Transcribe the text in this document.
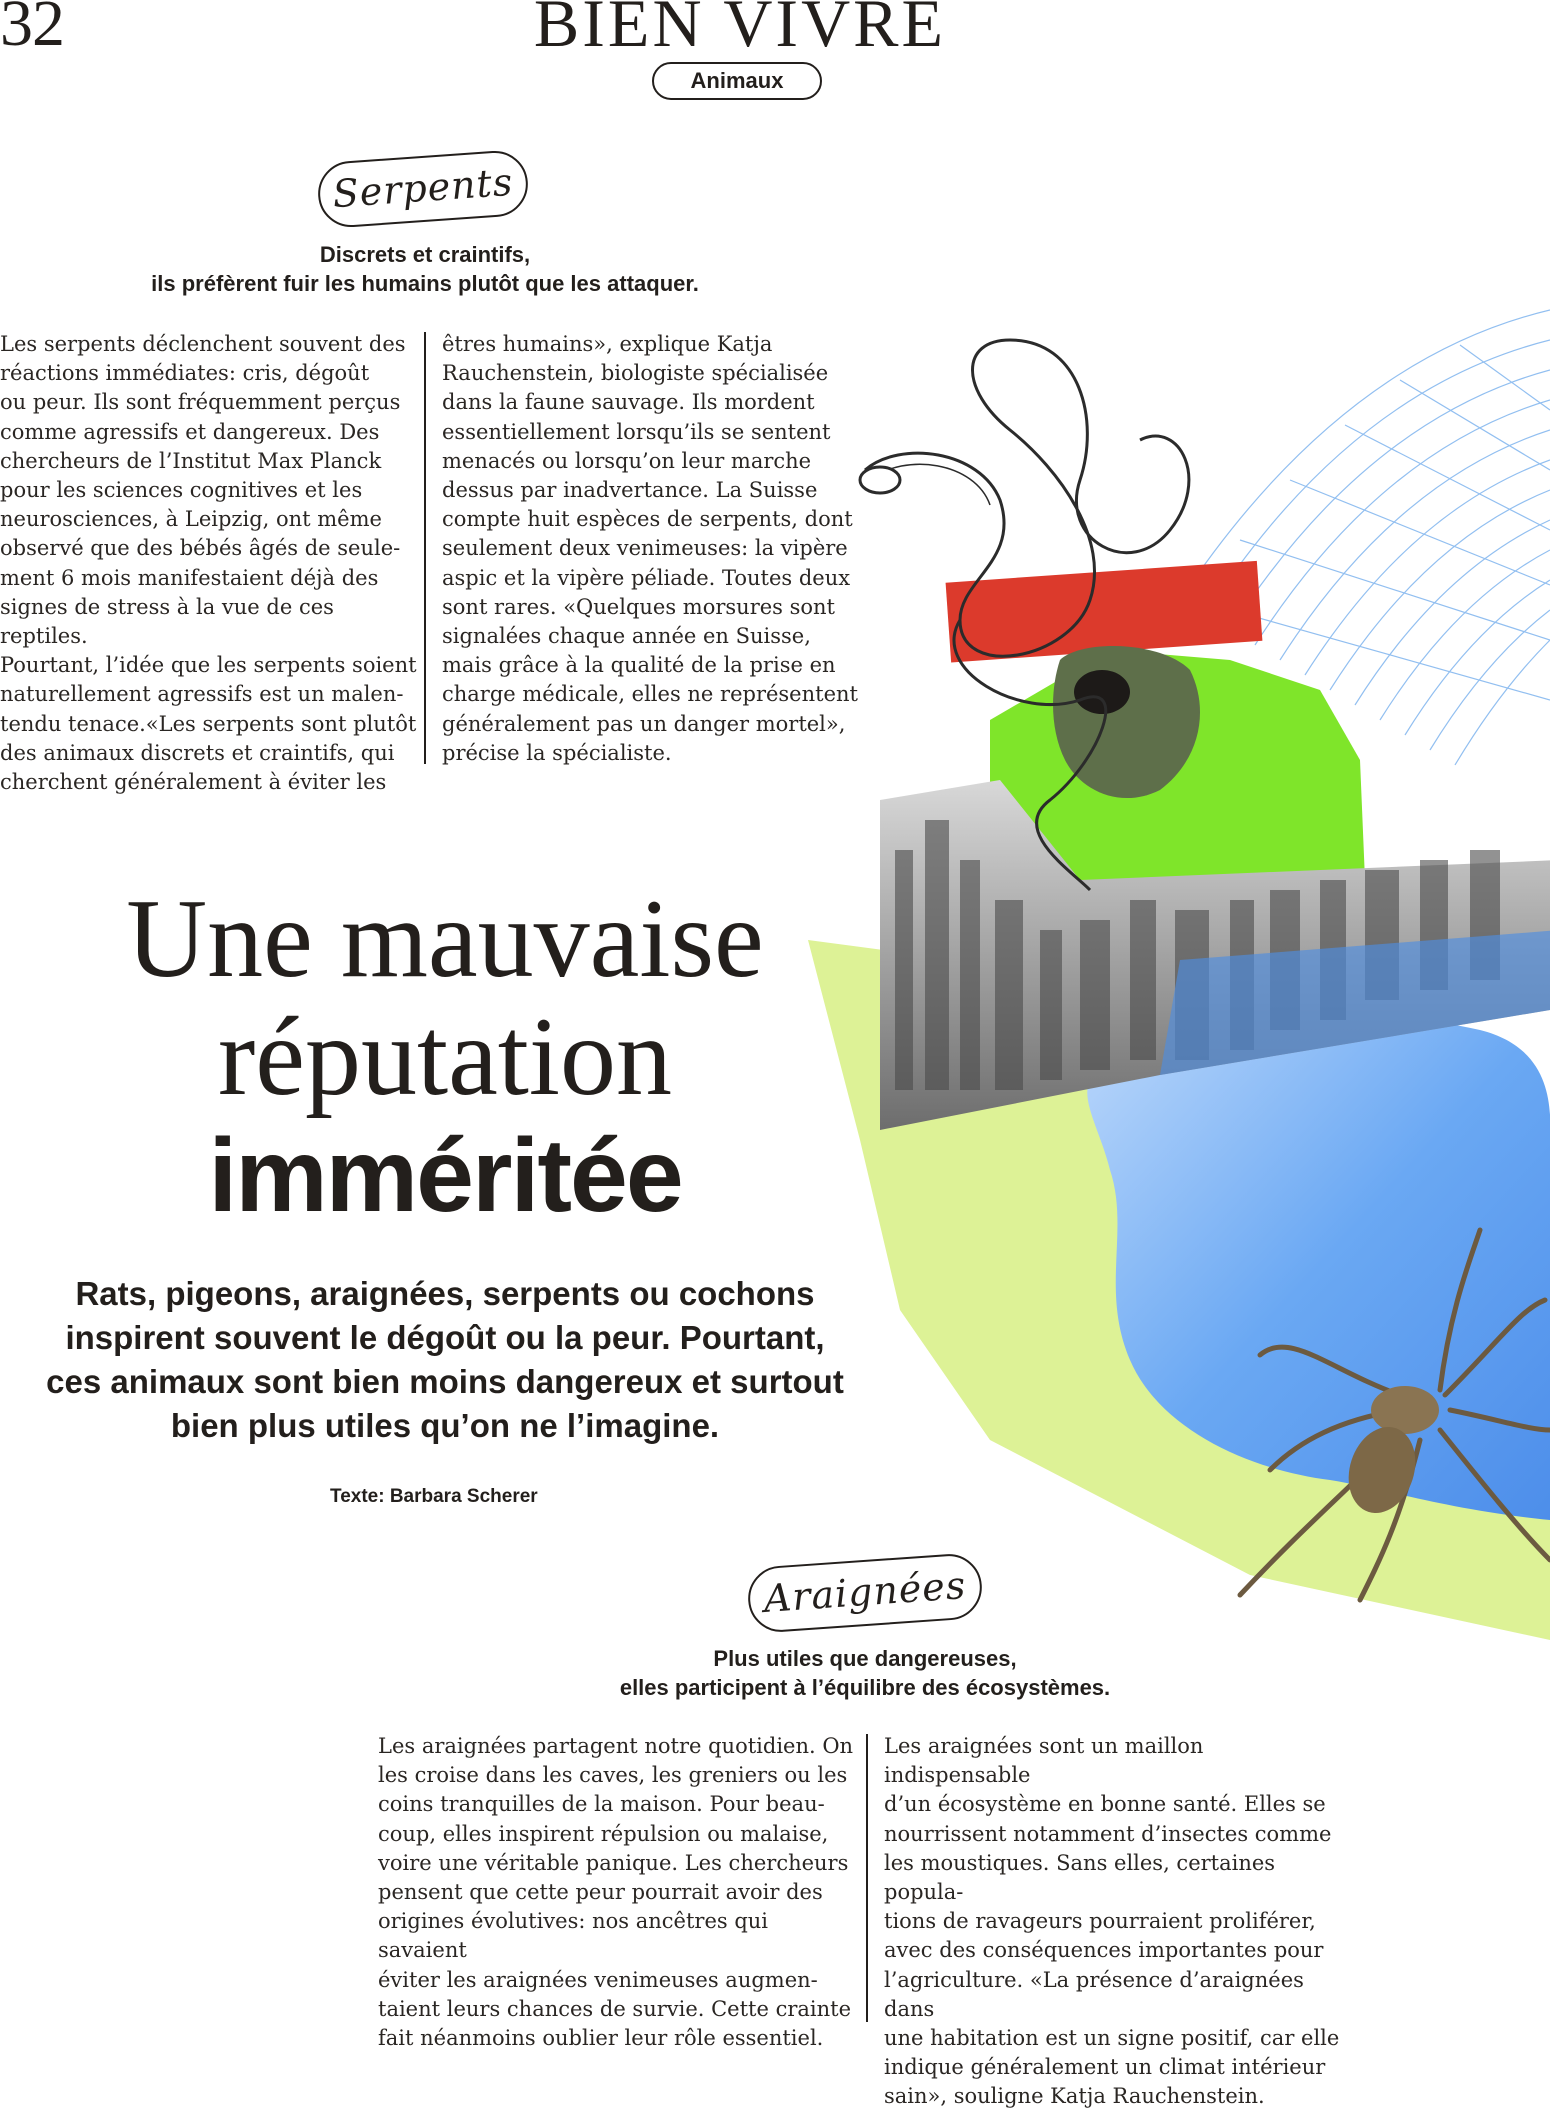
32	BIEN VIVRE
Animaux
Serpents
Discrets et craintifs,
ils préfèrent fuir les humains plutôt que les attaquer.
Les serpents déclenchent souvent des
réactions immédiates: cris, dégoût
ou peur. Ils sont fréquemment perçus
comme agressifs et dangereux. Des
chercheurs de l’Institut Max Planck
pour les sciences cognitives et les
neurosciences, à Leipzig, ont même
observé que des bébés âgés de seule-
ment 6 mois manifestaient déjà des
signes de stress à la vue de ces reptiles.
Pourtant, l’idée que les serpents soient
naturellement agressifs est un malen-
tendu tenace.«Les serpents sont plutôt
des animaux discrets et craintifs, qui
cherchent généralement à éviter les
êtres humains», explique Katja
Rauchenstein, biologiste spécialisée
dans la faune sauvage. Ils mordent
essentiellement lorsqu’ils se sentent
menacés ou lorsqu’on leur marche
dessus par inadvertance. La Suisse
compte huit espèces de serpents, dont
seulement deux venimeuses: la vipère
aspic et la vipère péliade. Toutes deux
sont rares. «Quelques morsures sont
signalées chaque année en Suisse,
mais grâce à la qualité de la prise en
charge médicale, elles ne représentent
généralement pas un danger mortel»,
précise la spécialiste.
Une mauvaise
réputation
imméritée
Rats, pigeons, araignées, serpents ou cochons
inspirent souvent le dégoût ou la peur. Pourtant,
ces animaux sont bien moins dangereux et surtout
bien plus utiles qu’on ne l’imagine.
Texte: Barbara Scherer
Araignées
Plus utiles que dangereuses,
elles participent à l’équilibre des écosystèmes.
Les araignées partagent notre quotidien. On
les croise dans les caves, les greniers ou les
coins tranquilles de la maison. Pour beau-
coup, elles inspirent répulsion ou malaise,
voire une véritable panique. Les chercheurs
pensent que cette peur pourrait avoir des
origines évolutives: nos ancêtres qui savaient
éviter les araignées venimeuses augmen-
taient leurs chances de survie. Cette crainte
fait néanmoins oublier leur rôle essentiel.
Les araignées sont un maillon indispensable
d’un écosystème en bonne santé. Elles se
nourrissent notamment d’insectes comme
les moustiques. Sans elles, certaines popula-
tions de ravageurs pourraient proliférer,
avec des conséquences importantes pour
l’agriculture. «La présence d’araignées dans
une habitation est un signe positif, car elle
indique généralement un climat intérieur
sain», souligne Katja Rauchenstein.
